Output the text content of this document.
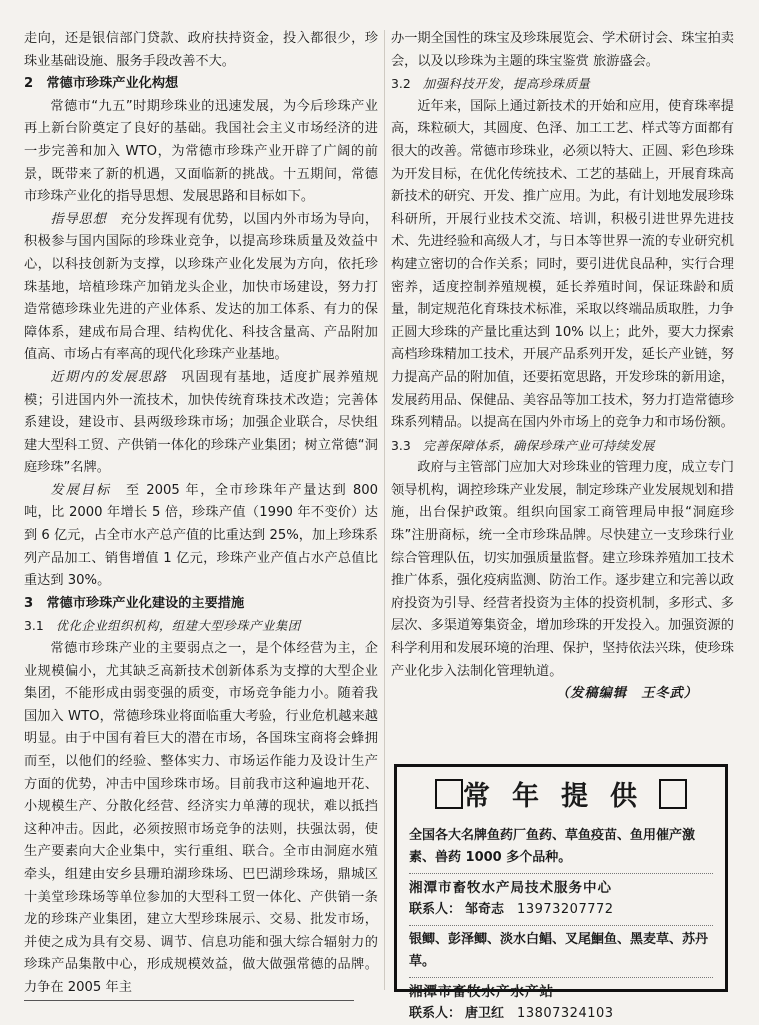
走向，还是银信部门贷款、政府扶持资金，投入都很少，珍珠业基础设施、服务手段改善不大。

2　常德市珍珠产业化构想

常德市“九五”时期珍珠业的迅速发展，为今后珍珠产业再上新台阶奠定了良好的基础。我国社会主义市场经济的进一步完善和加入 WTO，为常德市珍珠产业开辟了广阔的前景，既带来了新的机遇，又面临新的挑战。十五期间，常德市珍珠产业化的指导思想、发展思路和目标如下。

指导思想　 充分发挥现有优势，以国内外市场为导向，积极参与国内国际的珍珠业竞争，以提高珍珠质量及效益中心，以科技创新为支撑，以珍珠产业化发展为方向，依托珍珠基地，培植珍珠产加销龙头企业，加快市场建设，努力打造常德珍珠业先进的产业体系、发达的加工体系、有力的保障体系，建成布局合理、结构优化、科技含量高、产品附加值高、市场占有率高的现代化珍珠产业基地。

近期内的发展思路　 巩固现有基地，适度扩展养殖规模；引进国内外一流技术，加快传统育珠技术改造；完善体系建设，建设市、县两级珍珠市场；加强企业联合，尽快组建大型科工贸、产供销一体化的珍珠产业集团；树立常德“洞庭珍珠”名牌。

发展目标　 至 2005 年，全市珍珠年产量达到 800 吨，比 2000 年增长 5 倍，珍珠产值（1990 年不变价）达到 6 亿元，占全市水产总产值的比重达到 25%，加上珍珠系列产品加工、销售增值 1 亿元，珍珠产业产值占水产总值比重达到 30%。

3　常德市珍珠产业化建设的主要措施

3.1 优化企业组织机构，组建大型珍珠产业集团

常德市珍珠产业的主要弱点之一，是个体经营为主，企业规模偏小，尤其缺乏高新技术创新体系为支撑的大型企业集团，不能形成由弱变强的质变，市场竞争能力小。随着我国加入 WTO，常德珍珠业将面临重大考验，行业危机越来越明显。由于中国有着巨大的潜在市场，各国珠宝商将会蜂拥而至，以他们的经验、整体实力、市场运作能力及设计生产方面的优势，冲击中国珍珠市场。目前我市这种遍地开花、小规模生产、分散化经营、经济实力单薄的现状，难以抵挡这种冲击。因此，必须按照市场竞争的法则，扶强汰弱，使生产要素向大企业集中，实行重组、联合。全市由洞庭水殖牵头，组建由安乡县珊珀湖珍珠场、巴巴湖珍珠场，鼎城区十美堂珍珠场等单位参加的大型科工贸一体化、产供销一条龙的珍珠产业集团，建立大型珍珠展示、交易、批发市场，并使之成为具有交易、调节、信息功能和强大综合辐射力的珍珠产品集散中心，形成规模效益，做大做强常德的品牌。力争在 2005 年主

办一期全国性的珠宝及珍珠展览会、学术研讨会、珠宝拍卖会，以及以珍珠为主题的珠宝鉴赏 旅游盛会。

3.2 加强科技开发，提高珍珠质量

近年来，国际上通过新技术的开始和应用，使育珠率提高，珠粒硕大，其圆度、色泽、加工工艺、样式等方面都有很大的改善。常德市珍珠业，必须以特大、正圆、彩色珍珠为开发目标，在优化传统技术、工艺的基础上，开展育珠高新技术的研究、开发、推广应用。为此，有计划地发展珍珠科研所，开展行业技术交流、培训，积极引进世界先进技术、先进经验和高级人才，与日本等世界一流的专业研究机构建立密切的合作关系；同时，要引进优良品种，实行合理密养，适度控制养殖规模，延长养殖时间，保证珠龄和质量，制定规范化育珠技术标准，采取以终端品质取胜，力争正圆大珍珠的产量比重达到 10% 以上；此外，要大力探索高档珍珠精加工技术，开展产品系列开发，延长产业链，努力提高产品的附加值，还要拓宽思路，开发珍珠的新用途，发展药用品、保健品、美容品等加工技术，努力打造常德珍珠系列精品。以提高在国内外市场上的竞争力和市场份额。

3.3 完善保障体系，确保珍珠产业可持续发展

政府与主管部门应加大对珍珠业的管理力度，成立专门领导机构，调控珍珠产业发展，制定珍珠产业发展规划和措施，出台保护政策。组织向国家工商管理局申报“洞庭珍珠”注册商标，统一全市珍珠品牌。尽快建立一支珍珠行业综合管理队伍，切实加强质量监督。建立珍珠养殖加工技术推广体系，强化疫病监测、防治工作。逐步建立和完善以政府投资为引导、经营者投资为主体的投资机制，多形式、多层次、多渠道筹集资金，增加珍珠的开发投入。加强资源的科学利用和发展环境的治理、保护，坚持依法兴珠，使珍珠产业化步入法制化管理轨道。

（发稿编辑　王冬武）

常年提供

全国各大名牌鱼药厂鱼药、草鱼疫苗、鱼用催产激素、兽药 1000 多个品种。

湘潭市畜牧水产局技术服务中心

联系人： 邹奇志　 13973207772

银鲫、彭泽鲫、淡水白鲳、叉尾鮰鱼、黑麦草、苏丹草。

湘潭市畜牧水产水产站

联系人： 唐卫红　 13807324103
